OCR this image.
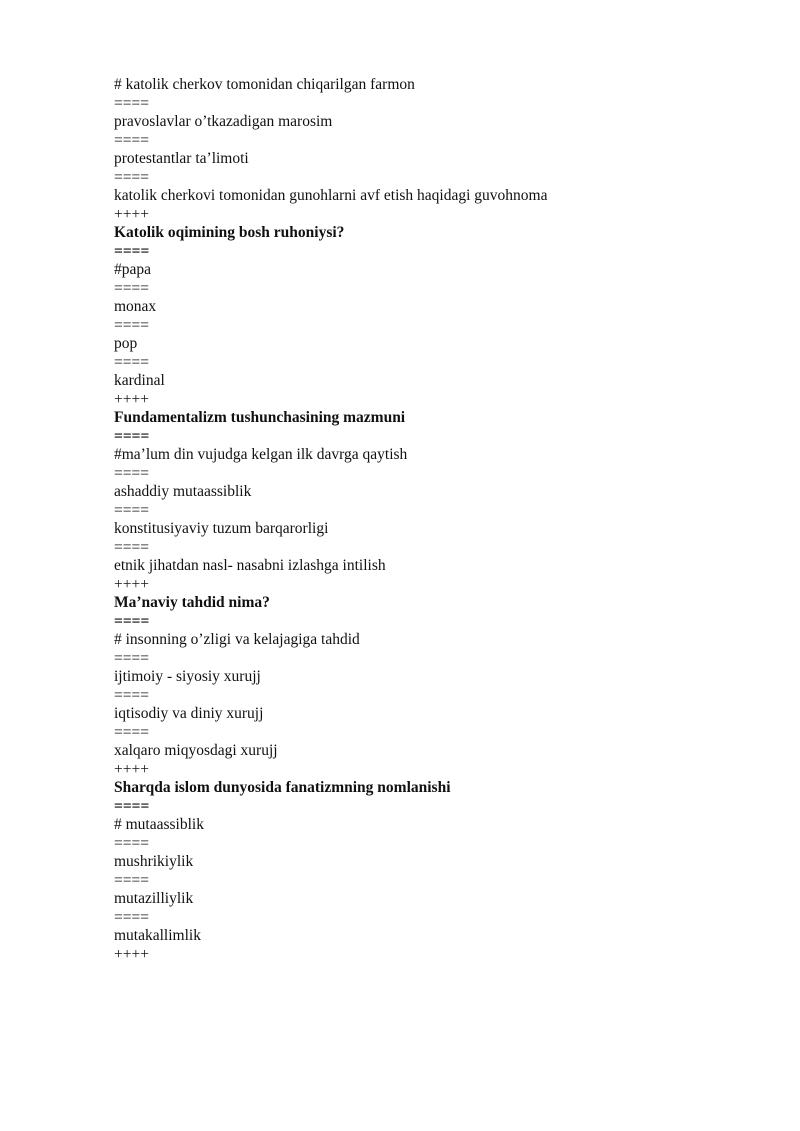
# katolik cherkov tomonidan chiqarilgan farmon
====
pravoslavlar o’tkazadigan marosim
====
protestantlar ta’limoti
====
katolik cherkovi tomonidan gunohlarni avf etish haqidagi guvohnoma
++++
Katolik oqimining bosh ruhoniysi?
====
#papa
====
monax
====
pop
====
kardinal
++++
Fundamentalizm tushunchasining mazmuni
====
#ma’lum din vujudga kelgan ilk davrga qaytish
====
ashaddiy mutaassiblik
====
konstitusiyaviy tuzum barqarorligi
====
etnik jihatdan nasl- nasabni izlashga intilish
++++
Ma’naviy tahdid nima?
====
# insonning o’zligi va kelajagiga tahdid
====
ijtimoiy - siyosiy xurujj
====
iqtisodiy va diniy xurujj
====
xalqaro miqyosdagi xurujj
++++
Sharqda islom dunyosida fanatizmning nomlanishi
====
# mutaassiblik
====
mushrikiylik
====
mutazilliylik
====
mutakallimlik
++++
